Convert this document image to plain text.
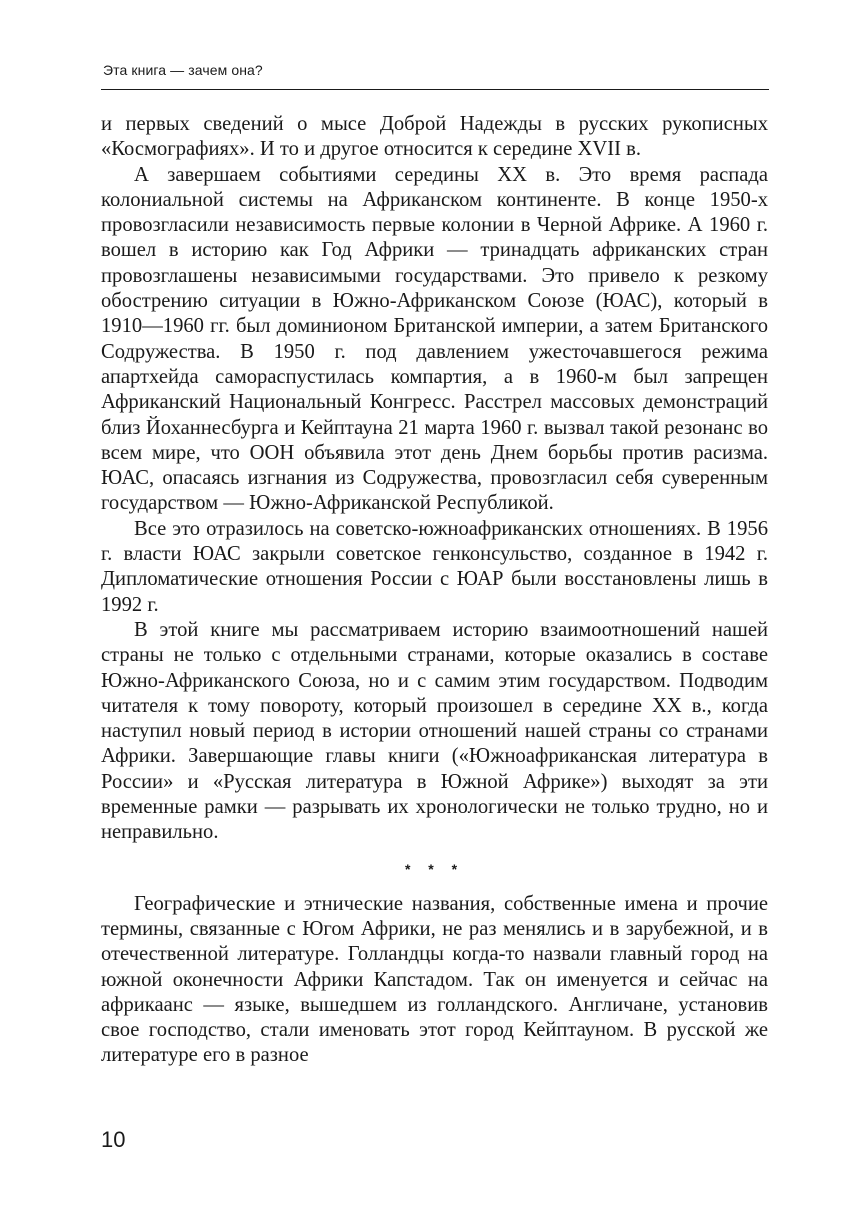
Эта книга — зачем она?

и первых сведений о мысе Доброй Надежды в русских рукописных «Космографиях». И то и другое относится к середине XVII в.

А завершаем событиями середины XX в. Это время распада колониальной системы на Африканском континенте. В конце 1950-х провозгласили независимость первые колонии в Черной Африке. А 1960 г. вошел в историю как Год Африки — тринадцать африканских стран провозглашены независимыми государствами. Это привело к резкому обострению ситуации в Южно-Африканском Союзе (ЮАС), который в 1910—1960 гг. был доминионом Британской империи, а затем Британского Содружества. В 1950 г. под давлением ужесточавшегося режима апартхейда самораспустилась компартия, а в 1960-м был запрещен Африканский Национальный Конгресс. Расстрел массовых демонстраций близ Йоханнесбурга и Кейптауна 21 марта 1960 г. вызвал такой резонанс во всем мире, что ООН объявила этот день Днем борьбы против расизма. ЮАС, опасаясь изгнания из Содружества, провозгласил себя суверенным государством — Южно-Африканской Республикой.

Все это отразилось на советско-южноафриканских отношениях. В 1956 г. власти ЮАС закрыли советское генконсульство, созданное в 1942 г. Дипломатические отношения России с ЮАР были восстановлены лишь в 1992 г.

В этой книге мы рассматриваем историю взаимоотношений нашей страны не только с отдельными странами, которые оказались в составе Южно-Африканского Союза, но и с самим этим государством. Подводим читателя к тому повороту, который произошел в середине XX в., когда наступил новый период в истории отношений нашей страны со странами Африки. Завершающие главы книги («Южноафриканская литература в России» и «Русская литература в Южной Африке») выходят за эти временные рамки — разрывать их хронологически не только трудно, но и неправильно.

* * *

Географические и этнические названия, собственные имена и прочие термины, связанные с Югом Африки, не раз менялись и в зарубежной, и в отечественной литературе. Голландцы когда-то назвали главный город на южной оконечности Африки Капстадом. Так он именуется и сейчас на африкаанс — языке, вышедшем из голландского. Англичане, установив свое господство, стали именовать этот город Кейптауном. В русской же литературе его в разное

10
